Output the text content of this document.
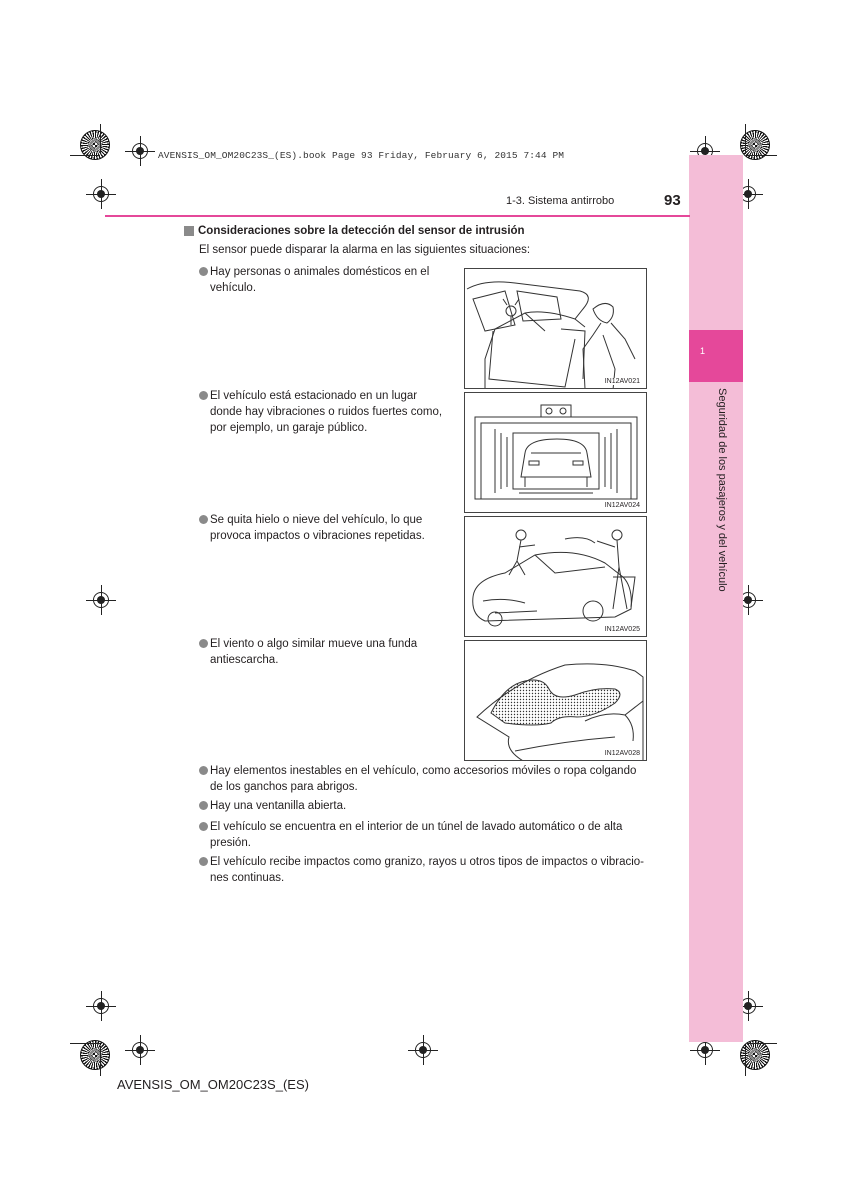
AVENSIS_OM_OM20C23S_(ES).book Page 93 Friday, February 6, 2015 7:44 PM
1
Seguridad de los pasajeros y del vehículo
1-3. Sistema antirrobo	93
Consideraciones sobre la detección del sensor de intrusión
El sensor puede disparar la alarma en las siguientes situaciones:
Hay personas o animales domésticos en el
vehículo.
IN12AV021
El vehículo está estacionado en un lugar
donde hay vibraciones o ruidos fuertes como,
por ejemplo, un garaje público.
IN12AV024
Se quita hielo o nieve del vehículo, lo que
provoca impactos o vibraciones repetidas.
IN12AV025
El viento o algo similar mueve una funda
antiescarcha.
IN12AV028
Hay elementos inestables en el vehículo, como accesorios móviles o ropa colgando
de los ganchos para abrigos.
Hay una ventanilla abierta.
El vehículo se encuentra en el interior de un túnel de lavado automático o de alta
presión.
El vehículo recibe impactos como granizo, rayos u otros tipos de impactos o vibracio-
nes continuas.
AVENSIS_OM_OM20C23S_(ES)
